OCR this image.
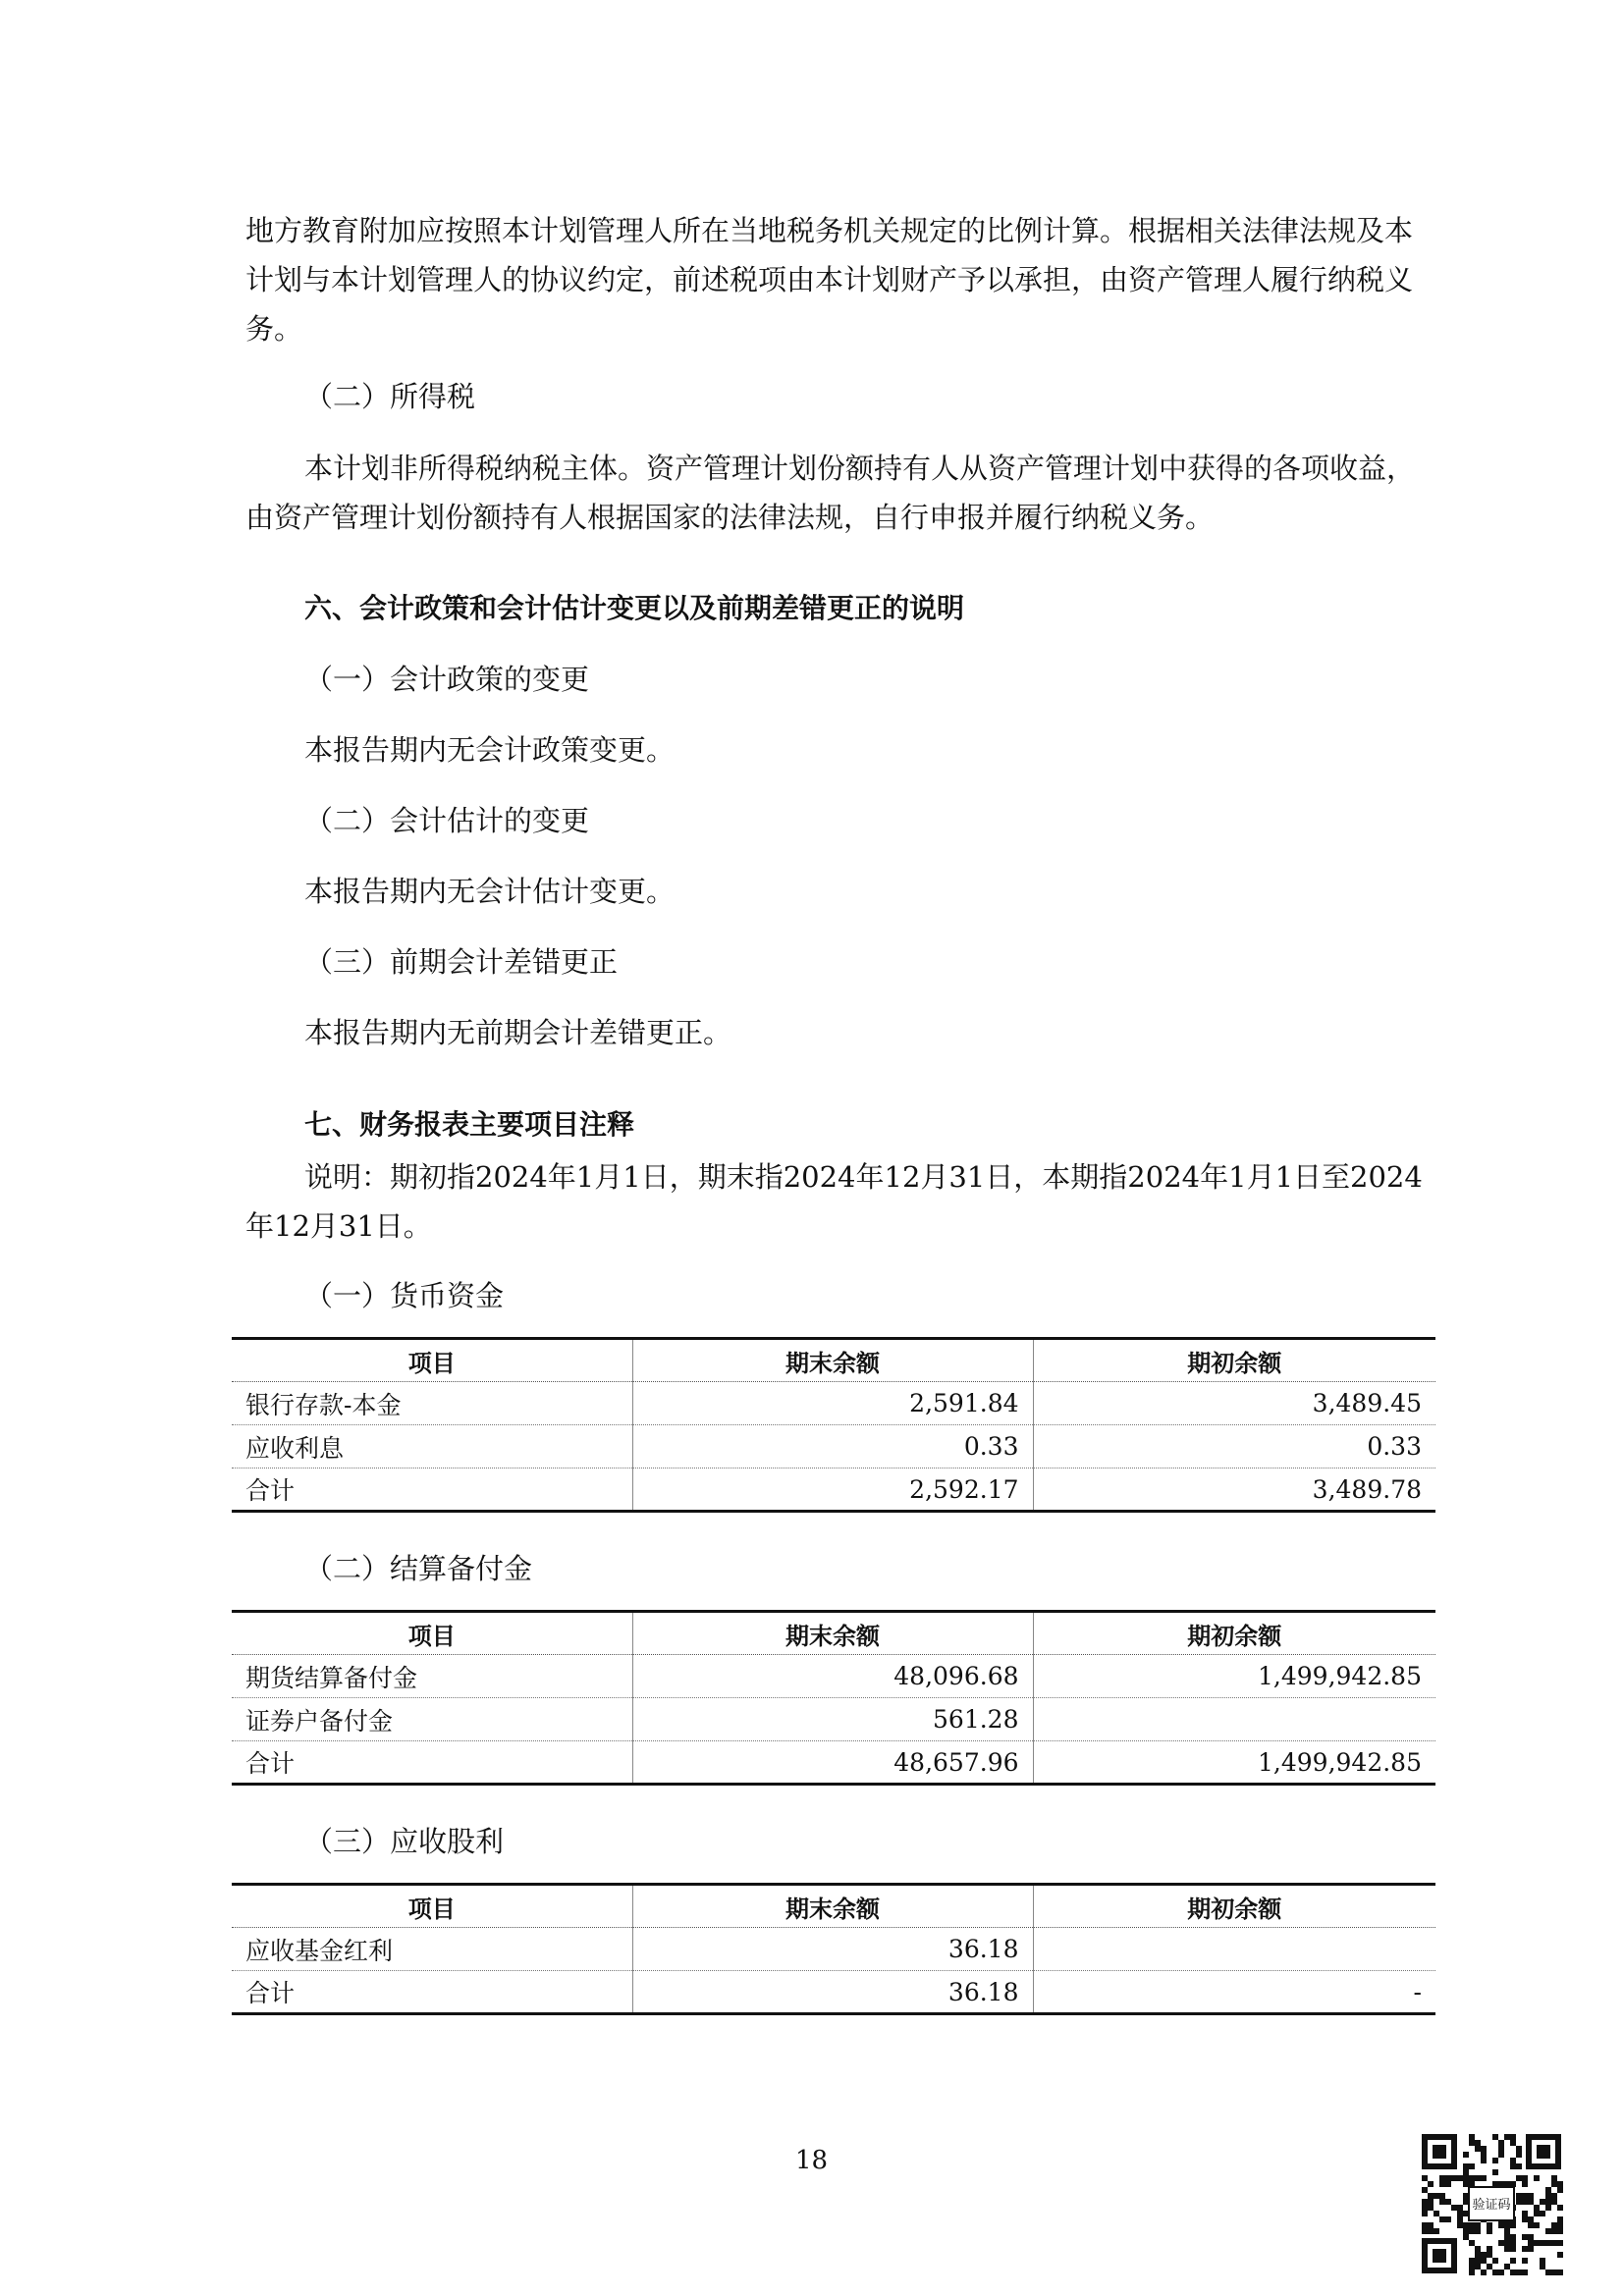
地方教育附加应按照本计划管理人所在当地税务机关规定的比例计算。根据相关法律法规及本计划与本计划管理人的协议约定，前述税项由本计划财产予以承担，由资产管理人履行纳税义务。

（二）所得税

本计划非所得税纳税主体。资产管理计划份额持有人从资产管理计划中获得的各项收益，由资产管理计划份额持有人根据国家的法律法规，自行申报并履行纳税义务。

六、会计政策和会计估计变更以及前期差错更正的说明

（一）会计政策的变更

本报告期内无会计政策变更。

（二）会计估计的变更

本报告期内无会计估计变更。

（三）前期会计差错更正

本报告期内无前期会计差错更正。

七、财务报表主要项目注释

说明：期初指2024年1月1日，期末指2024年12月31日，本期指2024年1月1日至2024年12月31日。

（一）货币资金

项目	期末余额	期初余额
银行存款-本金	2,591.84	3,489.45
应收利息	0.33	0.33
合计	2,592.17	3,489.78

（二）结算备付金

项目	期末余额	期初余额
期货结算备付金	48,096.68	1,499,942.85
证券户备付金	561.28	
合计	48,657.96	1,499,942.85

（三）应收股利

项目	期末余额	期初余额
应收基金红利	36.18	
合计	36.18	-
18
验证码
